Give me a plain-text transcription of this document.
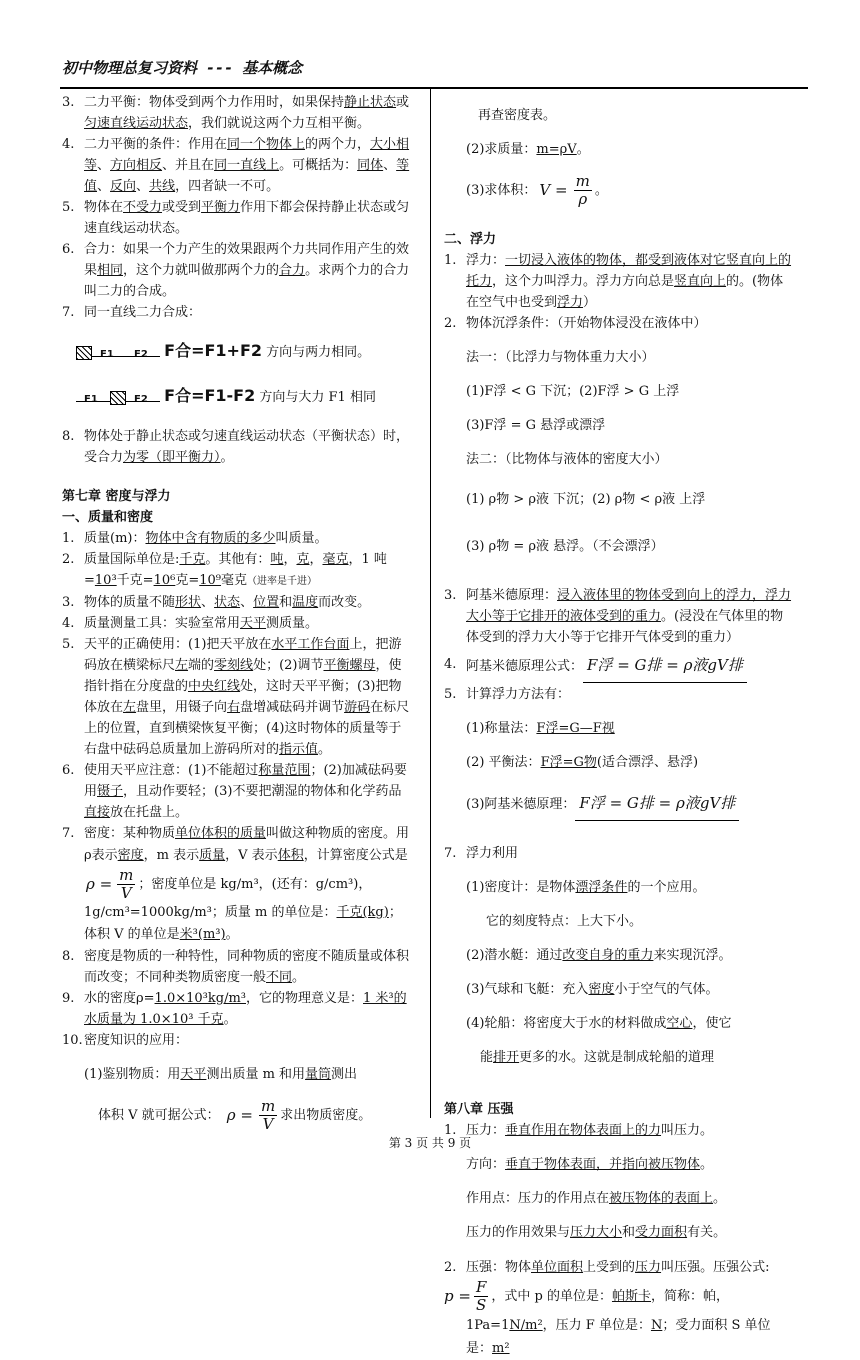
初中物理总复习资料 --- 基本概念

3. 二力平衡：物体受到两个力作用时，如果保持静止状态或匀速直线运动状态，我们就说这两个力互相平衡。

4. 二力平衡的条件：作用在同一个物体上的两个力，大小相等、方向相反、并且在同一直线上。可概括为：同体、等值、反向、共线，四者缺一不可。

5. 物体在不受力或受到平衡力作用下都会保持静止状态或匀速直线运动状态。

6. 合力：如果一个力产生的效果跟两个力共同作用产生的效果相同，这个力就叫做那两个力的合力。求两个力的合力叫二力的合成。

7. 同一直线二力合成：

F1 F2 F合=F1+F2 方向与两力相同。

F1	F2 F合=F1-F2 方向与大力 F1 相同

8. 物体处于静止状态或匀速直线运动状态（平衡状态）时，受合力为零（即平衡力）。

第七章 密度与浮力

一、质量和密度

1. 质量(m)：物体中含有物质的多少叫质量。

2. 质量国际单位是:千克。其他有：吨，克，毫克，1 吨=10³千克=10⁶克=10⁹毫克（进率是千进）

3. 物体的质量不随形状、状态、位置和温度而改变。

4. 质量测量工具：实验室常用天平测质量。

5. 天平的正确使用：(1)把天平放在水平工作台面上，把游码放在横梁标尺左端的零刻线处；(2)调节平衡螺母，使指针指在分度盘的中央红线处，这时天平平衡；(3)把物体放在左盘里，用镊子向右盘增减砝码并调节游码在标尺上的位置，直到横梁恢复平衡；(4)这时物体的质量等于右盘中砝码总质量加上游码所对的指示值。

6. 使用天平应注意：(1)不能超过称量范围；(2)加减砝码要用镊子，且动作要轻；(3)不要把潮湿的物体和化学药品直接放在托盘上。

7. 密度：某种物质单位体积的质量叫做这种物质的密度。用ρ表示密度，m 表示质量，V 表示体积，计算密度公式是 $\rho = \frac{m}{V}$ ；密度单位是 kg/m³，(还有：g/cm³)，1g/cm³=1000kg/m³；质量 m 的单位是：千克(kg)；体积 V 的单位是米³(m³)。

8. 密度是物质的一种特性，同种物质的密度不随质量或体积而改变；不同种类物质密度一般不同。

9. 水的密度ρ=1.0×10³kg/m³，它的物理意义是：1 米³的水质量为 1.0×10³ 千克。

10. 密度知识的应用：

(1)鉴别物质：用天平测出质量 m 和用量筒测出

体积 V 就可据公式： $\rho = \frac{m}{V}$ 求出物质密度。

再查密度表。

(2)求质量：m=ρV。

(3)求体积： $V = \frac{m}{\rho}$ 。

二、浮力

1. 浮力：一切浸入液体的物体，都受到液体对它竖直向上的托力，这个力叫浮力。浮力方向总是竖直向上的。(物体在空气中也受到浮力）

2. 物体沉浮条件：（开始物体浸没在液体中）

法一：（比浮力与物体重力大小）

(1)F浮 < G 下沉；(2)F浮 > G 上浮

(3)F浮 = G 悬浮或漂浮

法二：（比物体与液体的密度大小）

(1) ρ物 > ρ液 下沉；(2) ρ物 < ρ液 上浮

(3) ρ物 = ρ液 悬浮。（不会漂浮）

3. 阿基米德原理：浸入液体里的物体受到向上的浮力，浮力大小等于它排开的液体受到的重力。(浸没在气体里的物体受到的浮力大小等于它排开气体受到的重力）

4. 阿基米德原理公式： F浮 = G排 = ρ液gV排

5. 计算浮力方法有：

(1)称量法：F浮=G—F视

(2) 平衡法：F浮=G物(适合漂浮、悬浮)

(3)阿基米德原理： F浮 = G排 = ρ液gV排

7. 浮力利用

(1)密度计：是物体漂浮条件的一个应用。

它的刻度特点：上大下小。

(2)潜水艇：通过改变自身的重力来实现沉浮。

(3)气球和飞艇：充入密度小于空气的气体。

(4)轮船：将密度大于水的材料做成空心，使它

能排开更多的水。这就是制成轮船的道理

第八章 压强

1. 压力：垂直作用在物体表面上的力叫压力。

方向：垂直于物体表面，并指向被压物体。

作用点：压力的作用点在被压物体的表面上。

压力的作用效果与压力大小和受力面积有关。

2. 压强：物体单位面积上受到的压力叫压强。压强公式:
$p = \frac{F}{S}$ ，式中 p 的单位是：帕斯卡，简称：帕，1Pa=1N/m²，压力 F 单位是：N；受力面积 S 单位是：m²

第 3 页 共 9 页
